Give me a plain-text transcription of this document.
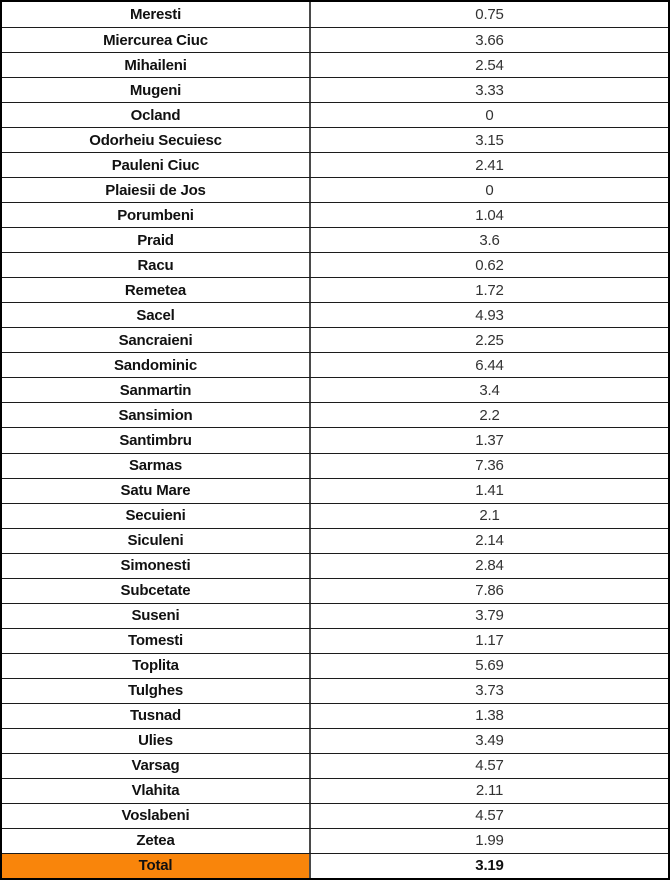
Meresti	0.75
Miercurea Ciuc	3.66
Mihaileni	2.54
Mugeni	3.33
Ocland	0
Odorheiu Secuiesc	3.15
Pauleni Ciuc	2.41
Plaiesii de Jos	0
Porumbeni	1.04
Praid	3.6
Racu	0.62
Remetea	1.72
Sacel	4.93
Sancraieni	2.25
Sandominic	6.44
Sanmartin	3.4
Sansimion	2.2
Santimbru	1.37
Sarmas	7.36
Satu Mare	1.41
Secuieni	2.1
Siculeni	2.14
Simonesti	2.84
Subcetate	7.86
Suseni	3.79
Tomesti	1.17
Toplita	5.69
Tulghes	3.73
Tusnad	1.38
Ulies	3.49
Varsag	4.57
Vlahita	2.11
Voslabeni	4.57
Zetea	1.99
Total	3.19
